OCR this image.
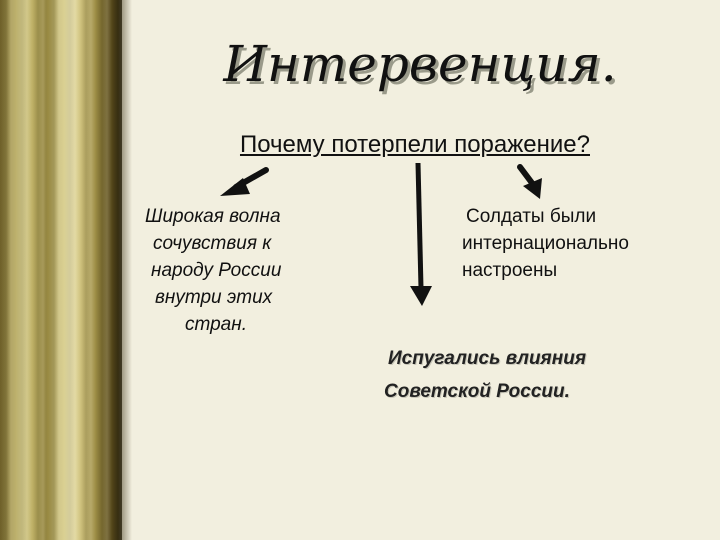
Интервенция.
Почему потерпели поражение?

Широкая волна
сочувствия к
народу России
внутри этих
стран.

Солдаты были
интернационально
настроены

Испугались влияния
Советской России.
